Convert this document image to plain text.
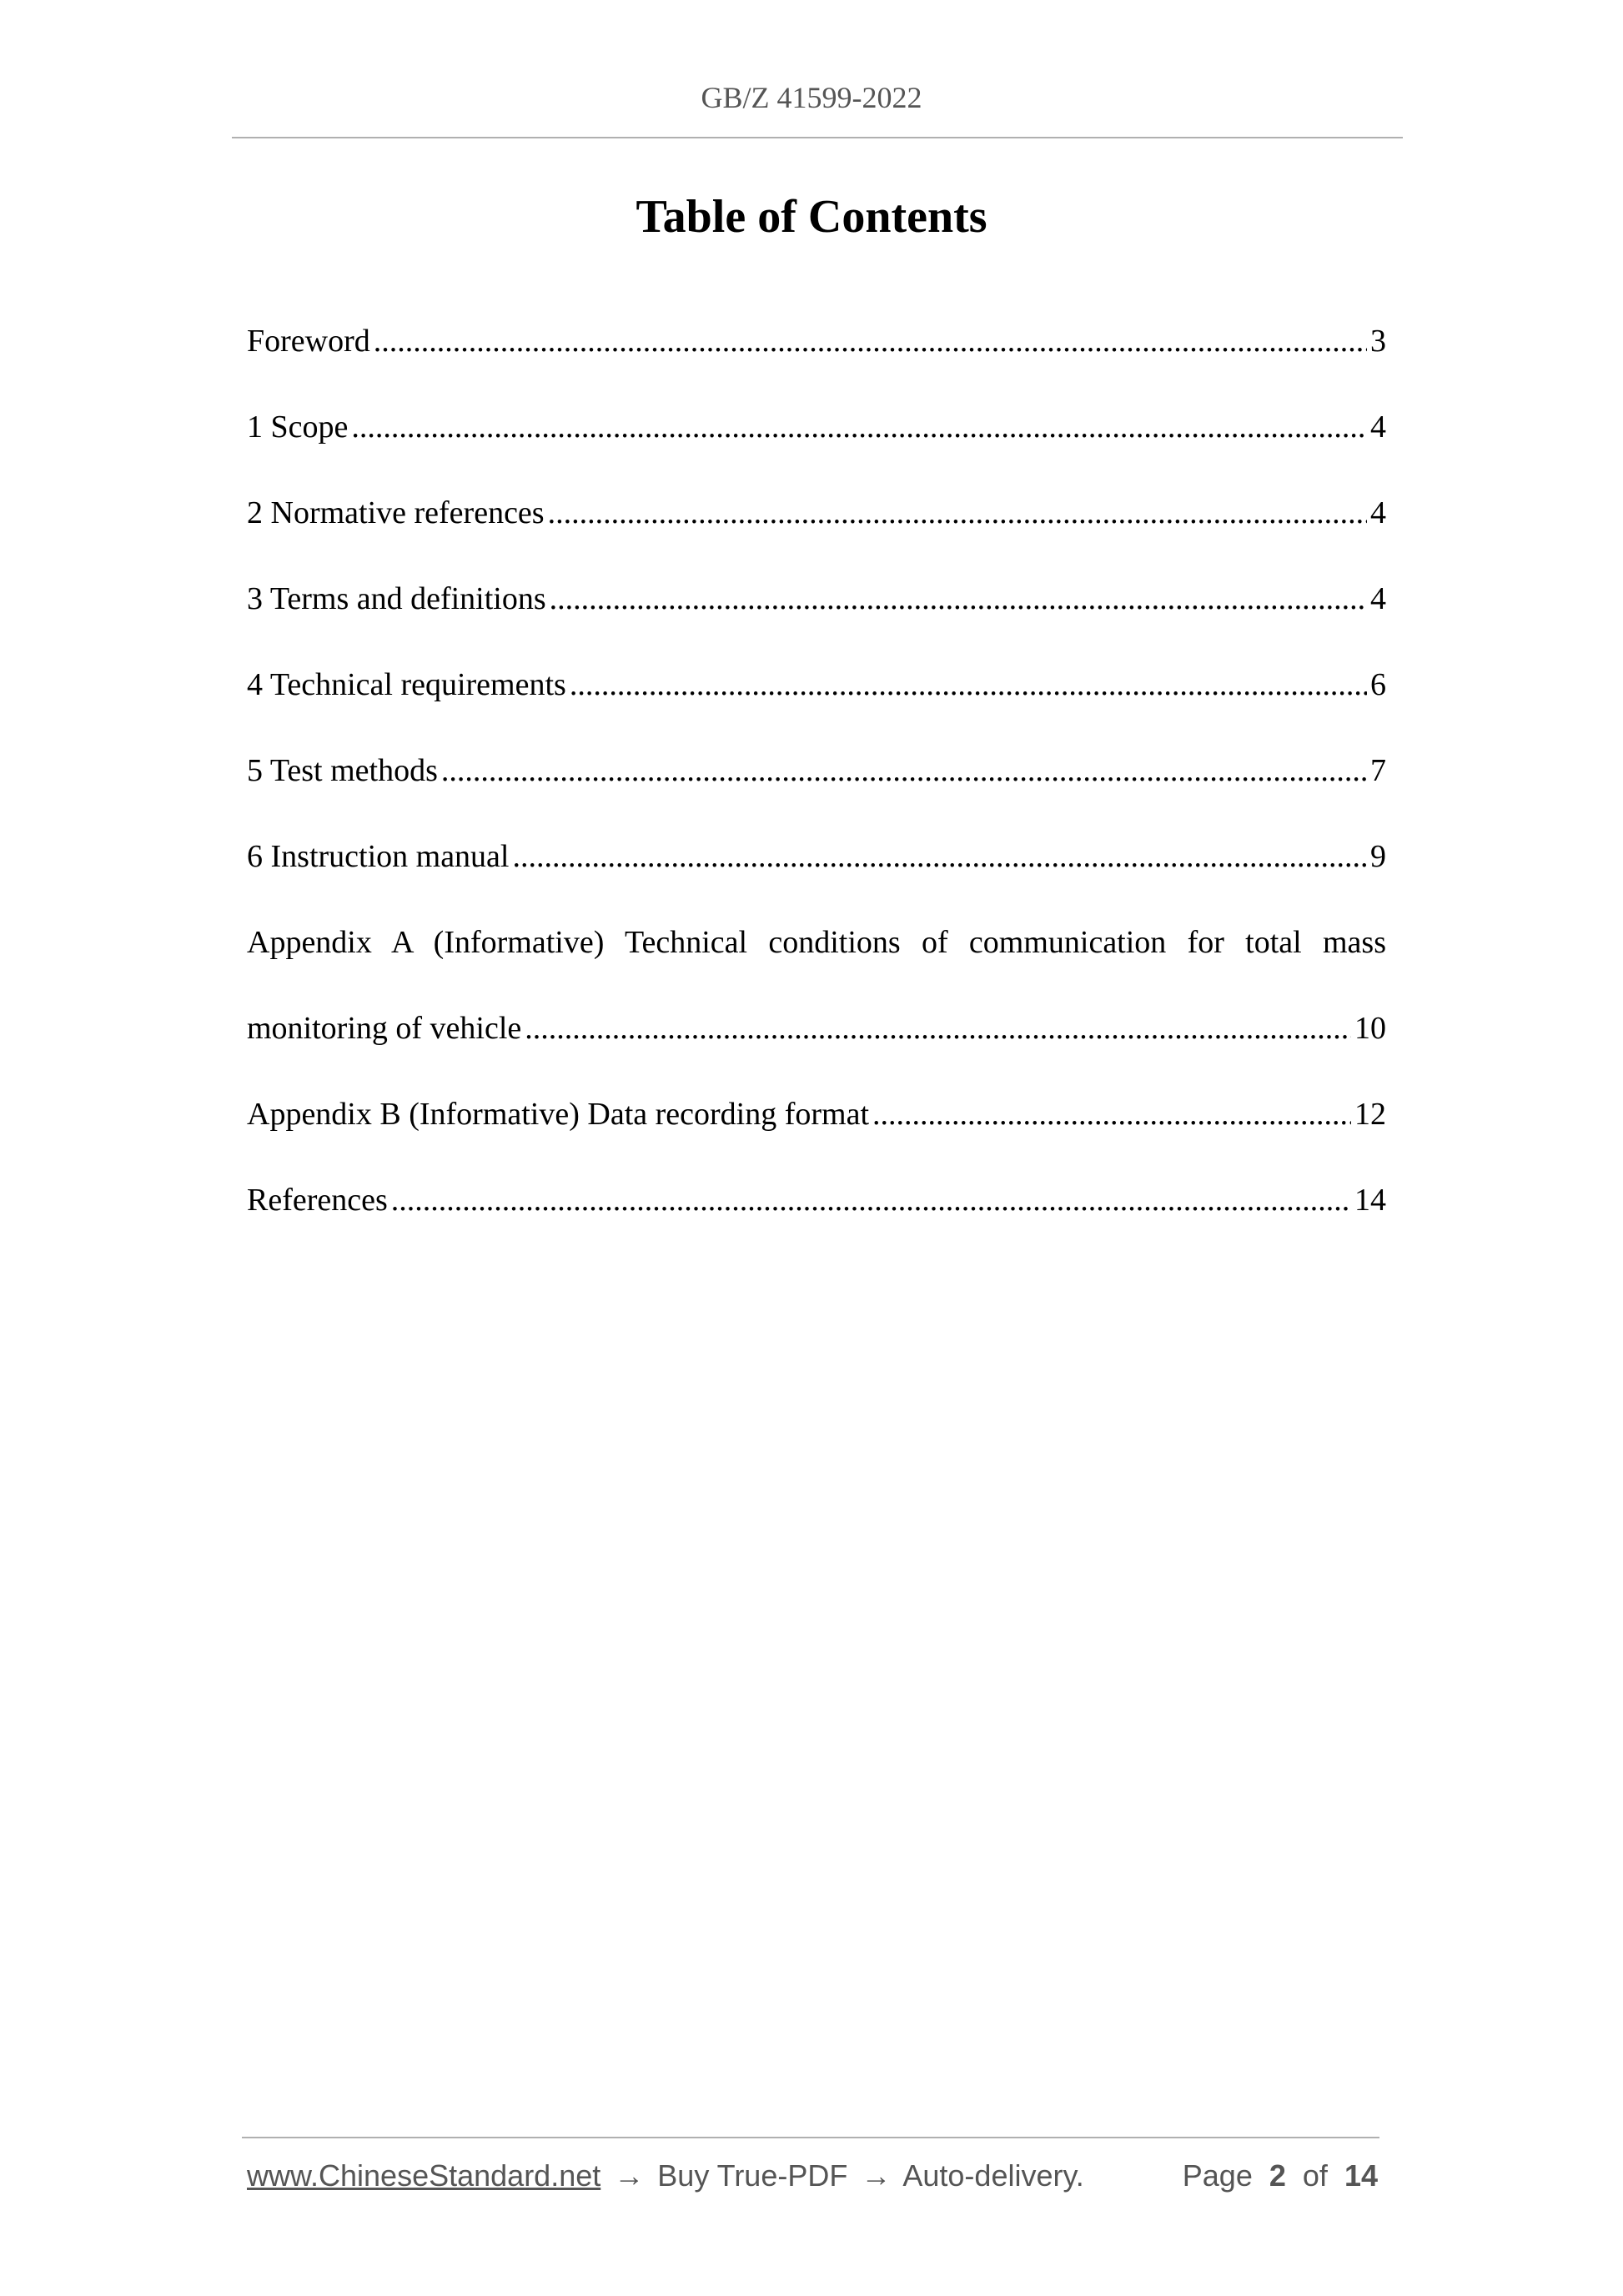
GB/Z 41599-2022
Table of Contents
Foreword .....	3
1 Scope .....	4
2 Normative references .....	4
3 Terms and definitions .....	4
4 Technical requirements .....	6
5 Test methods .....	7
6 Instruction manual .....	9
Appendix A (Informative) Technical conditions of communication for total mass
monitoring of vehicle .....	10
Appendix B (Informative) Data recording format .....	12
References .....	14
www.ChineseStandard.net → Buy True-PDF → Auto-delivery.	Page 2 of 14
